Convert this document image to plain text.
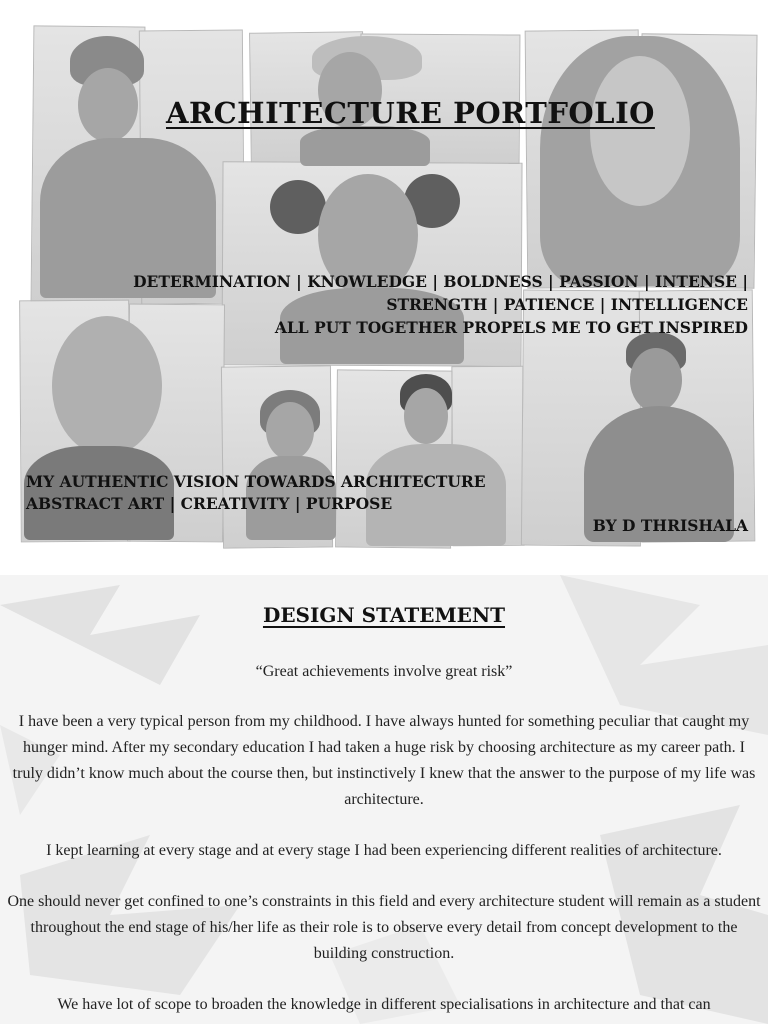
ARCHITECTURE PORTFOLIO

DETERMINATION | KNOWLEDGE | BOLDNESS | PASSION | INTENSE |

STRENGTH | PATIENCE | INTELLIGENCE

ALL PUT TOGETHER PROPELS ME TO GET INSPIRED

MY AUTHENTIC VISION TOWARDS ARCHITECTURE

ABSTRACT ART | CREATIVITY | PURPOSE

BY D THRISHALA

DESIGN STATEMENT

“Great achievements involve great risk”

I have been a very typical person from my childhood. I have always hunted for something peculiar that caught my hunger mind. After my secondary education I had taken a huge risk by choosing architecture as my career path. I truly didn’t know much about the course then, but instinctively I knew that the answer to the purpose of my life was architecture.

I kept learning at every stage and at every stage I had been experiencing different realities of architecture.

One should never get confined to one’s constraints in this field and every architecture student will remain as a student throughout the end stage of his/her life as their role is to observe every detail from concept development to the building construction.

We have lot of scope to broaden the knowledge in different specialisations in architecture and that can
